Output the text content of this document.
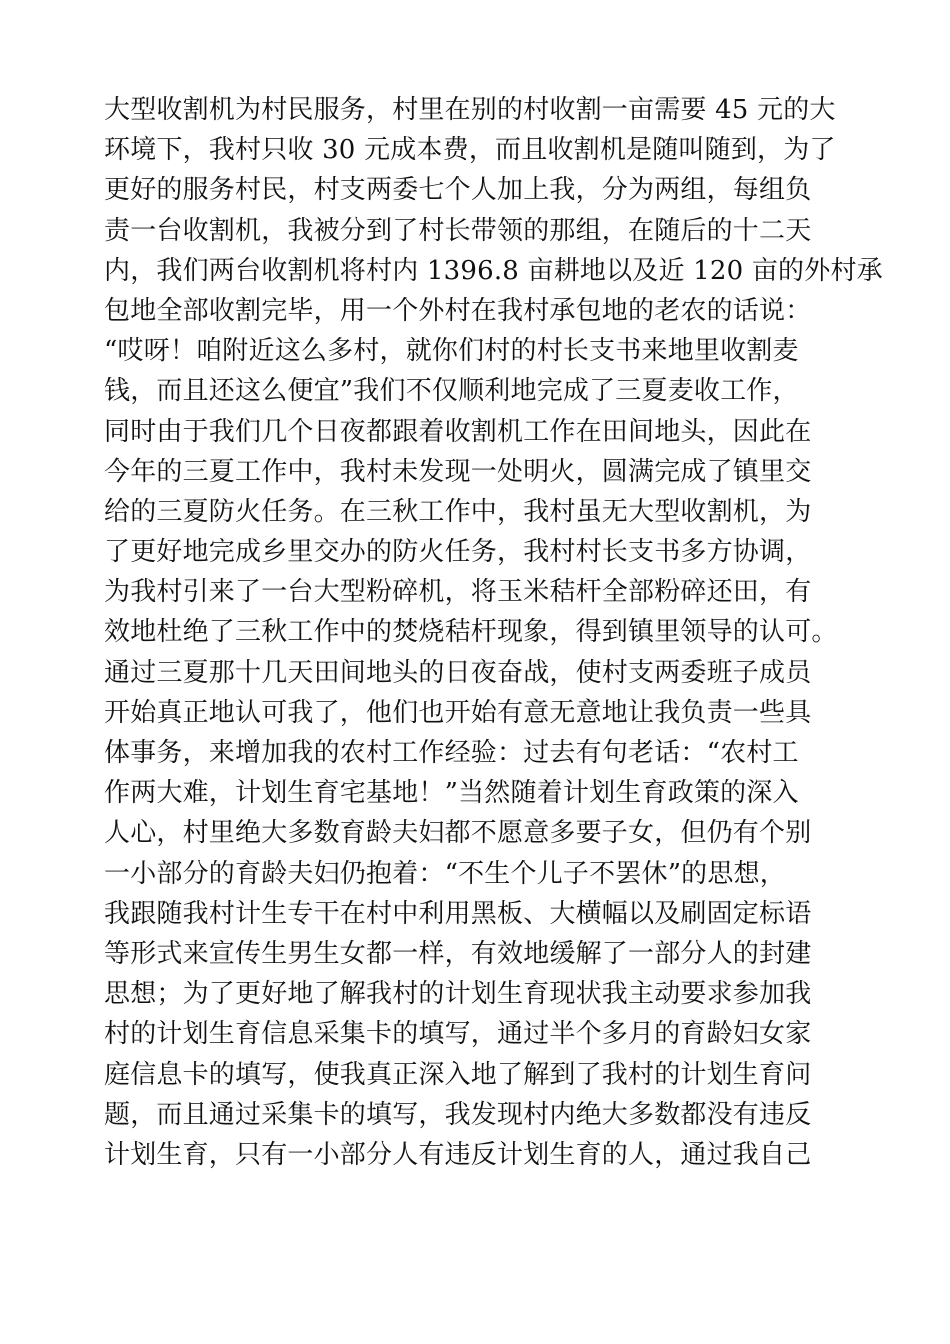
大型收割机为村民服务，村里在别的村收割一亩需要 45 元的大
环境下，我村只收 30 元成本费，而且收割机是随叫随到，为了
更好的服务村民，村支两委七个人加上我，分为两组，每组负
责一台收割机，我被分到了村长带领的那组，在随后的十二天
内，我们两台收割机将村内 1396.8 亩耕地以及近 120 亩的外村承
包地全部收割完毕，用一个外村在我村承包地的老农的话说：
“哎呀！咱附近这么多村，就你们村的村长支书来地里收割麦
钱，而且还这么便宜”我们不仅顺利地完成了三夏麦收工作，
同时由于我们几个日夜都跟着收割机工作在田间地头，因此在
今年的三夏工作中，我村未发现一处明火，圆满完成了镇里交
给的三夏防火任务。在三秋工作中，我村虽无大型收割机，为
了更好地完成乡里交办的防火任务，我村村长支书多方协调，
为我村引来了一台大型粉碎机，将玉米秸杆全部粉碎还田，有
效地杜绝了三秋工作中的焚烧秸杆现象，得到镇里领导的认可。
通过三夏那十几天田间地头的日夜奋战，使村支两委班子成员
开始真正地认可我了，他们也开始有意无意地让我负责一些具
体事务，来增加我的农村工作经验：过去有句老话：“农村工
作两大难，计划生育宅基地！”当然随着计划生育政策的深入
人心，村里绝大多数育龄夫妇都不愿意多要子女，但仍有个别
一小部分的育龄夫妇仍抱着：“不生个儿子不罢休”的思想，
我跟随我村计生专干在村中利用黑板、大横幅以及刷固定标语
等形式来宣传生男生女都一样，有效地缓解了一部分人的封建
思想；为了更好地了解我村的计划生育现状我主动要求参加我
村的计划生育信息采集卡的填写，通过半个多月的育龄妇女家
庭信息卡的填写，使我真正深入地了解到了我村的计划生育问
题，而且通过采集卡的填写，我发现村内绝大多数都没有违反
计划生育，只有一小部分人有违反计划生育的人，通过我自己
